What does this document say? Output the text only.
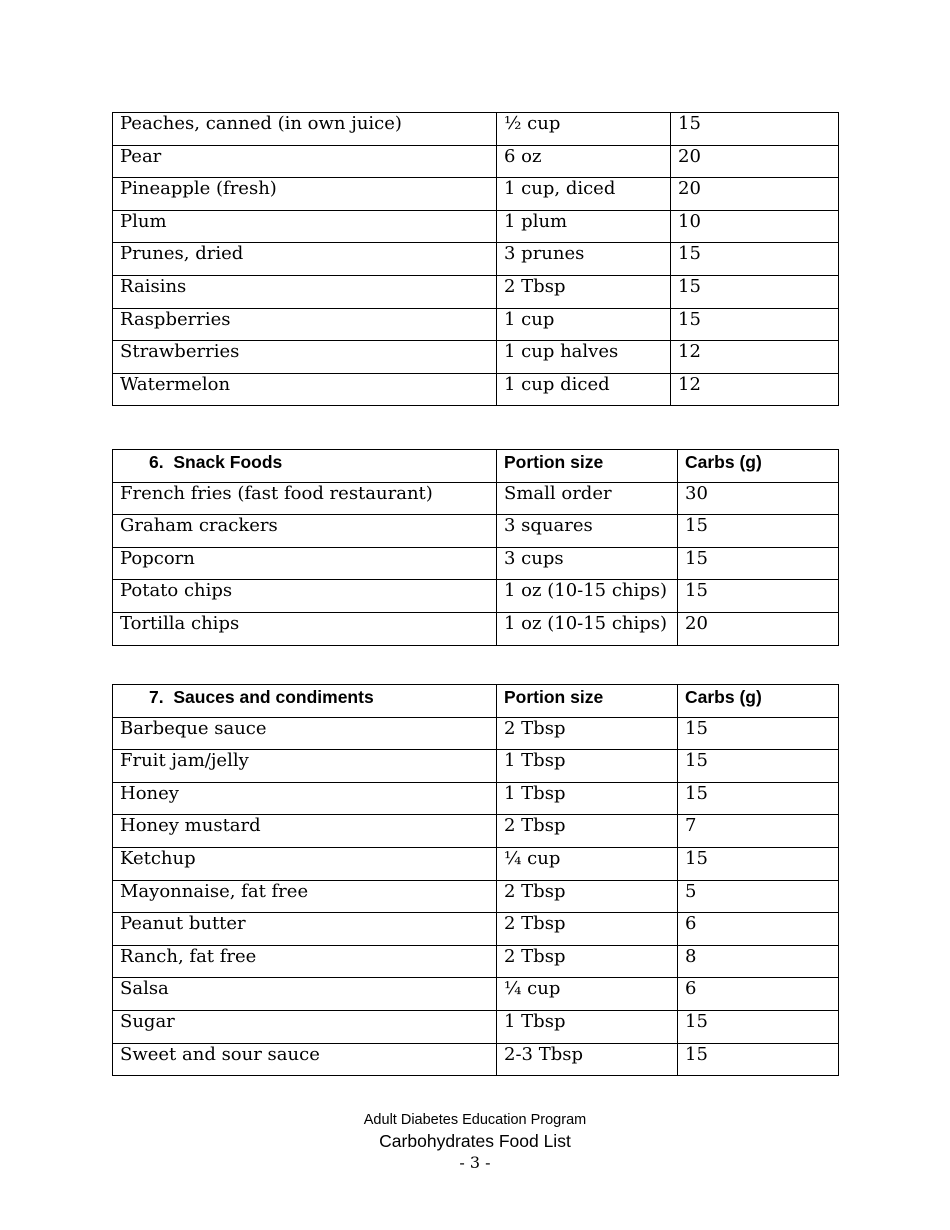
Peaches, canned (in own juice)	½ cup	15
Pear	6 oz	20
Pineapple (fresh)	1 cup, diced	20
Plum	1 plum	10
Prunes, dried	3 prunes	15
Raisins	2 Tbsp	15
Raspberries	1 cup	15
Strawberries	1 cup halves	12
Watermelon	1 cup diced	12
6. Snack Foods	Portion size	Carbs (g)
French fries (fast food restaurant)	Small order	30
Graham crackers	3 squares	15
Popcorn	3 cups	15
Potato chips	1 oz (10-15 chips)	15
Tortilla chips	1 oz (10-15 chips)	20
7. Sauces and condiments	Portion size	Carbs (g)
Barbeque sauce	2 Tbsp	15
Fruit jam/jelly	1 Tbsp	15
Honey	1 Tbsp	15
Honey mustard	2 Tbsp	7
Ketchup	¼ cup	15
Mayonnaise, fat free	2 Tbsp	5
Peanut butter	2 Tbsp	6
Ranch, fat free	2 Tbsp	8
Salsa	¼ cup	6
Sugar	1 Tbsp	15
Sweet and sour sauce	2-3 Tbsp	15
Adult Diabetes Education Program
Carbohydrates Food List
- 3 -
